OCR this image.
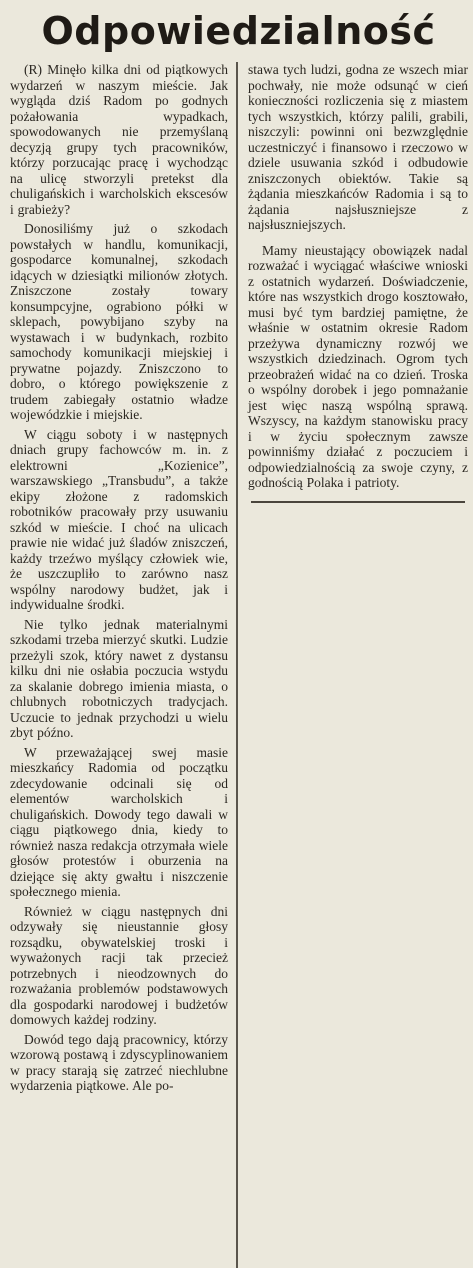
Odpowiedzialność

(R) Minęło kilka dni od piątkowych wydarzeń w naszym mieście. Jak wygląda dziś Radom po godnych pożałowania wypadkach, spowodowanych nie przemyślaną decyzją grupy tych pracowników, którzy porzucając pracę i wychodząc na ulicę stworzyli pretekst dla chuligańskich i warcholskich ekscesów i grabieży?

Donosiliśmy już o szkodach powstałych w handlu, komunikacji, gospodarce komunalnej, szkodach idących w dziesiątki milionów złotych. Zniszczone zostały towary konsumpcyjne, ograbiono półki w sklepach, powybijano szyby na wystawach i w budynkach, rozbito samochody komunikacji miejskiej i prywatne pojazdy. Zniszczono to dobro, o którego powiększenie z trudem zabiegały ostatnio władze wojewódzkie i miejskie.

W ciągu soboty i w następnych dniach grupy fachowców m. in. z elektrowni „Kozienice”, warszawskiego „Transbudu”, a także ekipy złożone z radomskich robotników pracowały przy usuwaniu szkód w mieście. I choć na ulicach prawie nie widać już śladów zniszczeń, każdy trzeźwo myślący człowiek wie, że uszczupliło to zarówno nasz wspólny narodowy budżet, jak i indywidualne środki.

Nie tylko jednak materialnymi szkodami trzeba mierzyć skutki. Ludzie przeżyli szok, który nawet z dystansu kilku dni nie osłabia poczucia wstydu za skalanie dobrego imienia miasta, o chlubnych robotniczych tradycjach. Uczucie to jednak przychodzi u wielu zbyt późno.

W przeważającej swej masie mieszkańcy Radomia od początku zdecydowanie odcinali się od elementów warcholskich i chuligańskich. Dowody tego dawali w ciągu piątkowego dnia, kiedy to również nasza redakcja otrzymała wiele głosów protestów i oburzenia na dziejące się akty gwałtu i niszczenie społecznego mienia.

Również w ciągu następnych dni odzywały się nieustannie głosy rozsądku, obywatelskiej troski i wyważonych racji tak przecież potrzebnych i nieodzownych do rozważania problemów podstawowych dla gospodarki narodowej i budżetów domowych każdej rodziny.

Dowód tego dają pracownicy, którzy wzorową postawą i zdyscyplinowaniem w pracy starają się zatrzeć niechlubne wydarzenia piątkowe. Ale po-

stawa tych ludzi, godna ze wszech miar pochwały, nie może odsunąć w cień konieczności rozliczenia się z miastem tych wszystkich, którzy palili, grabili, niszczyli: powinni oni bezwzględnie uczestniczyć i finansowo i rzeczowo w dziele usuwania szkód i odbudowie zniszczonych obiektów. Takie są żądania mieszkańców Radomia i są to żądania najsłuszniejsze z najsłuszniejszych.

Mamy nieustający obowiązek nadal rozważać i wyciągać właściwe wnioski z ostatnich wydarzeń. Doświadczenie, które nas wszystkich drogo kosztowało, musi być tym bardziej pamiętne, że właśnie w ostatnim okresie Radom przeżywa dynamiczny rozwój we wszystkich dziedzinach. Ogrom tych przeobrażeń widać na co dzień. Troska o wspólny dorobek i jego pomnażanie jest więc naszą wspólną sprawą. Wszyscy, na każdym stanowisku pracy i w życiu społecznym zawsze powinniśmy działać z poczuciem i odpowiedzialnością za swoje czyny, z godnością Polaka i patrioty.
